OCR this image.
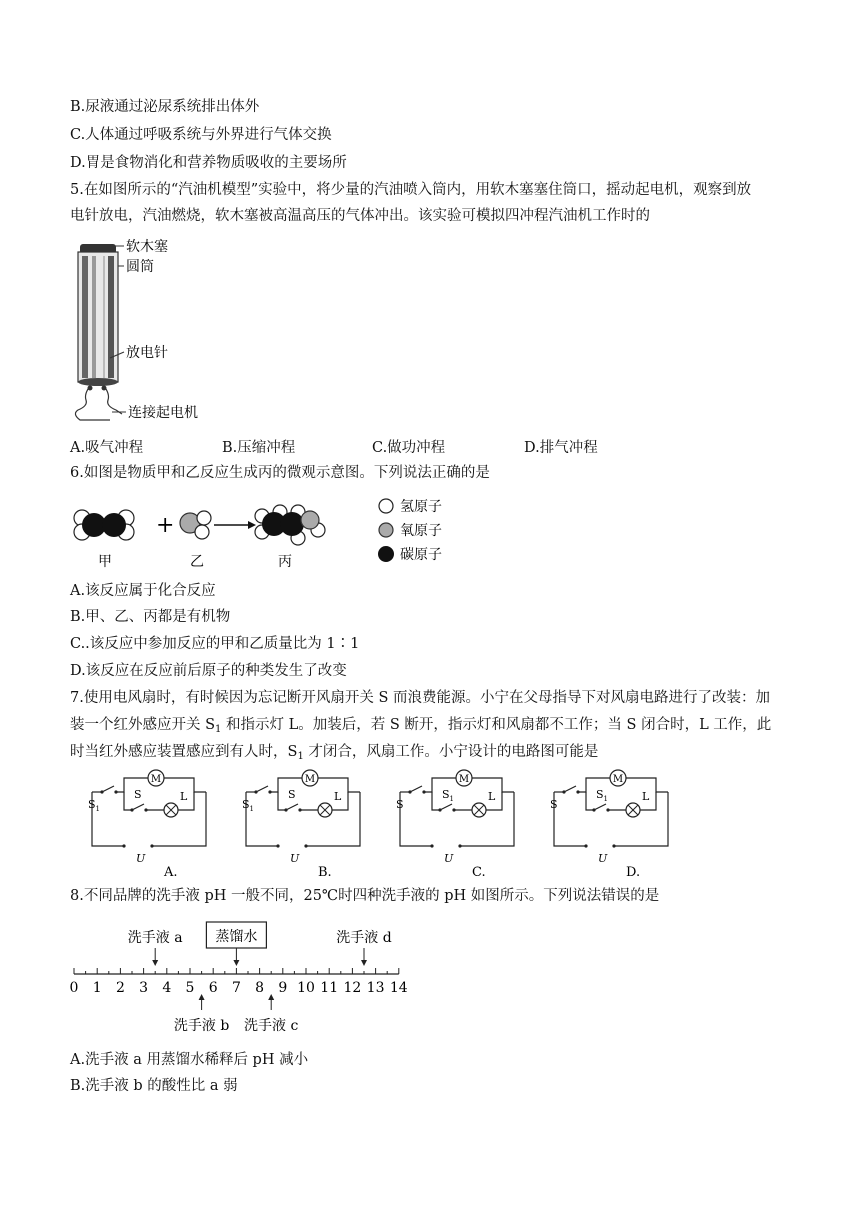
B.尿液通过泌尿系统排出体外
C.人体通过呼吸系统与外界进行气体交换
D.胃是食物消化和营养物质吸收的主要场所
5.在如图所示的“汽油机模型”实验中，将少量的汽油喷入筒内，用软木塞塞住筒口，摇动起电机，观察到放
电针放电，汽油燃烧，软木塞被高温高压的气体冲出。该实验可模拟四冲程汽油机工作时的
软木塞
圆筒
放电针
连接起电机
A.吸气冲程	B.压缩冲程	C.做功冲程	D.排气冲程
6.如图是物质甲和乙反应生成丙的微观示意图。下列说法正确的是
+
甲	乙	丙
氢原子
氧原子
碳原子
A.该反应属于化合反应
B.甲、乙、丙都是有机物
C..该反应中参加反应的甲和乙质量比为 1∶1
D.该反应在反应前后原子的种类发生了改变
7.使用电风扇时，有时候因为忘记断开风扇开关 S 而浪费能源。小宁在父母指导下对风扇电路进行了改装：加
装一个红外感应开关 $S_1$ 和指示灯 L。加装后，若 S 断开，指示灯和风扇都不工作；当 S 闭合时，L 工作，此
时当红外感应装置感应到有人时，$S_1$ 才闭合，风扇工作。小宁设计的电路图可能是
M
$S_1$
S	L
U
A.
M
$S_1$
S	L
U
B.
M
S
$S_1$	L
U
C.
M
S
$S_1$	L
U
D.
8.不同品牌的洗手液 pH 一般不同，25℃时四种洗手液的 pH 如图所示。下列说法错误的是
0 1 2 3 4 5 6 7 8 9 10 11 12 13 14
洗手液 a	洗手液 d
蒸馏水
洗手液 b 洗手液 c
A.洗手液 a 用蒸馏水稀释后 pH 减小
B.洗手液 b 的酸性比 a 弱
